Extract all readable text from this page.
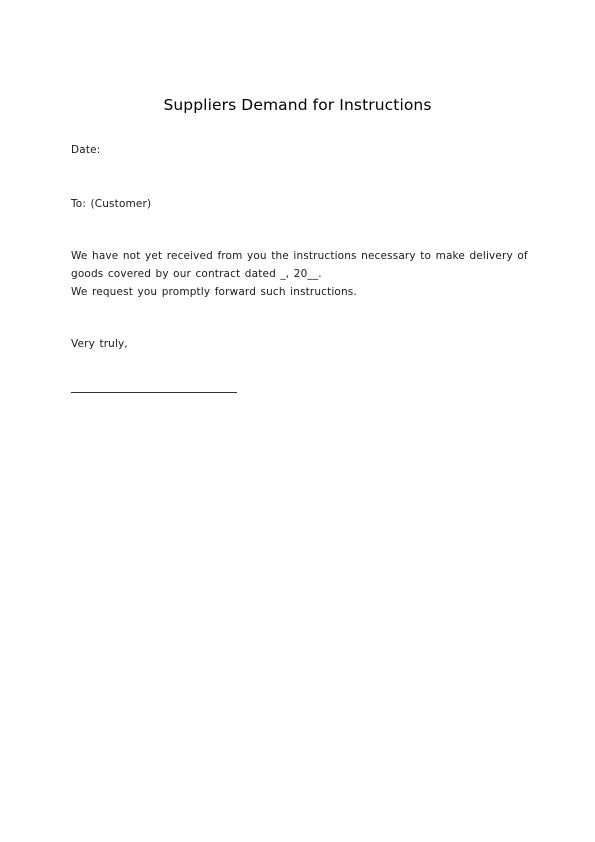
Suppliers Demand for Instructions
Date:
To: (Customer)
We have not yet received from you the instructions necessary to make delivery of
goods covered by our contract dated _, 20__.
We request you promptly forward such instructions.
Very truly,
